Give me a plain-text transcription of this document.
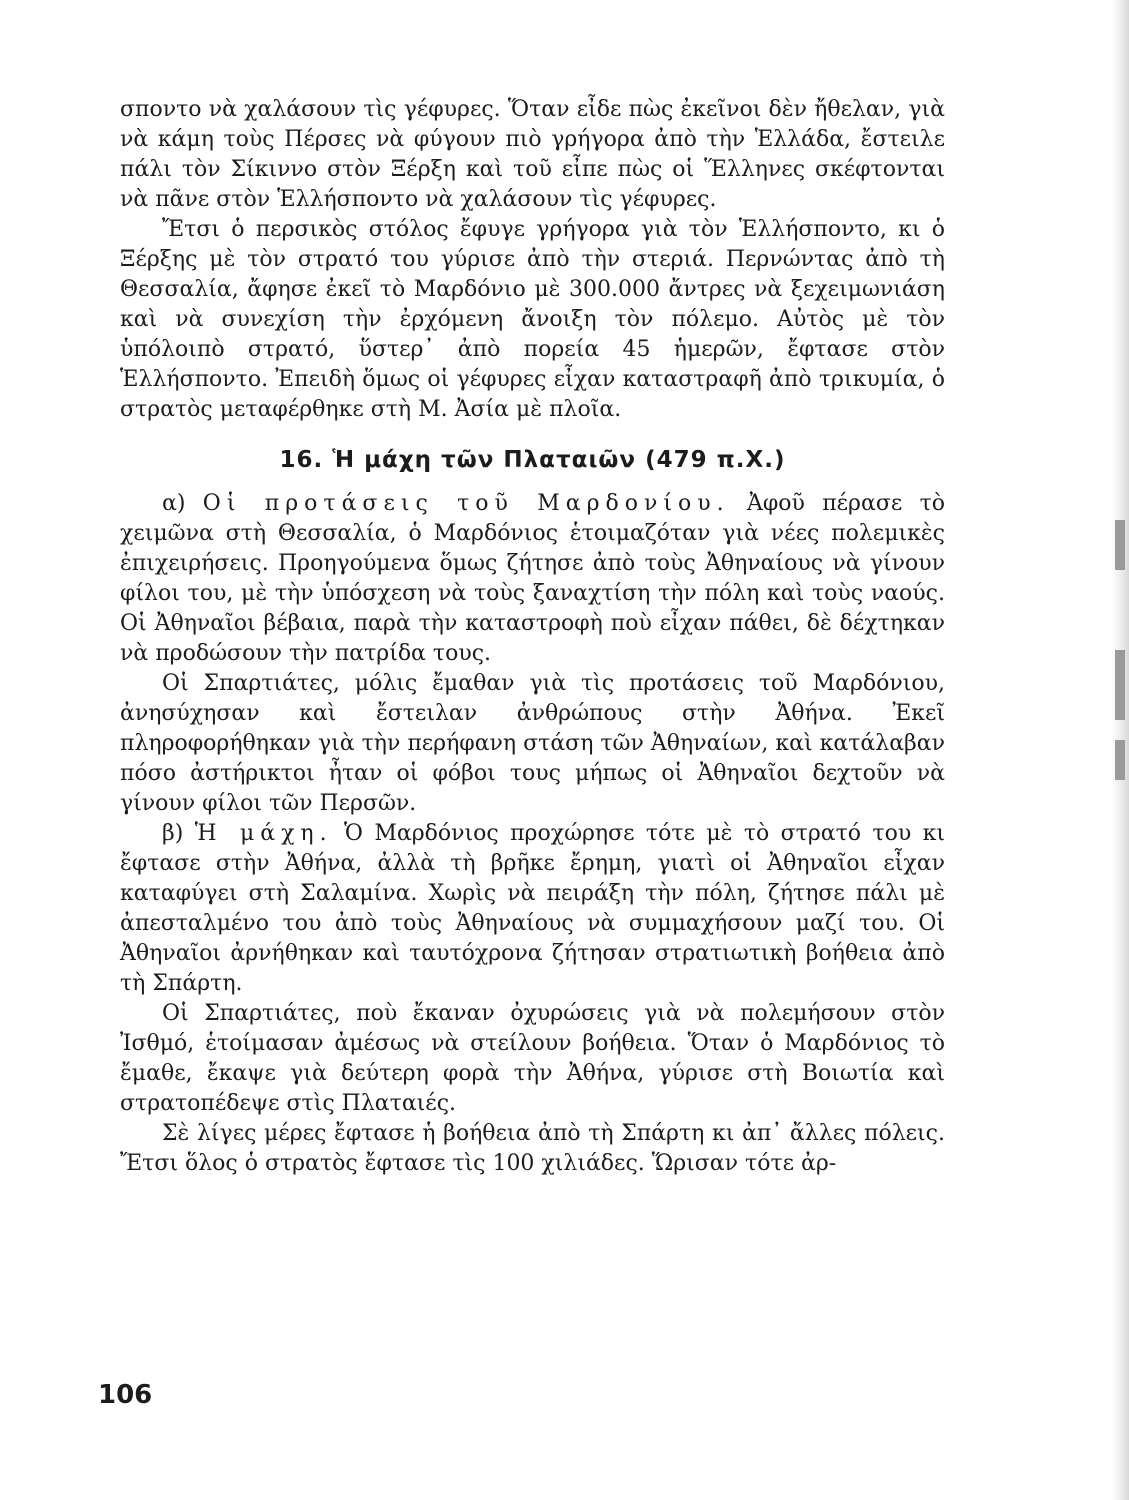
σποντο νὰ χαλάσουν τὶς γέφυρες. Ὅταν εἶδε πὼς ἐκεῖνοι δὲν ἤθελαν, γιὰ νὰ κάμη τοὺς Πέρσες νὰ φύγουν πιὸ γρήγορα ἀπὸ τὴν Ἑλλάδα, ἔστειλε πάλι τὸν Σίκιννο στὸν Ξέρξη καὶ τοῦ εἶπε πὼς οἱ Ἕλληνες σκέφτονται νὰ πᾶνε στὸν Ἑλλήσποντο νὰ χαλάσουν τὶς γέφυρες.

Ἔτσι ὁ περσικὸς στόλος ἔφυγε γρήγορα γιὰ τὸν Ἑλλήσποντο, κι ὁ Ξέρξης μὲ τὸν στρατό του γύρισε ἀπὸ τὴν στεριά. Περνώντας ἀπὸ τὴ Θεσσαλία, ἄφησε ἐκεῖ τὸ Μαρδόνιο μὲ 300.000 ἄντρες νὰ ξεχειμωνιάση καὶ νὰ συνεχίση τὴν ἐρχόμενη ἄνοιξη τὸν πόλεμο. Αὐτὸς μὲ τὸν ὑπόλοιπὸ στρατό, ὕστερ᾽ ἀπὸ πορεία 45 ἡμερῶν, ἔφτασε στὸν Ἑλλήσποντο. Ἐπειδὴ ὅμως οἱ γέφυρες εἶχαν καταστραφῆ ἀπὸ τρικυμία, ὁ στρατὸς μεταφέρθηκε στὴ Μ. Ἀσία μὲ πλοῖα.

16. Ἡ μάχη τῶν Πλαταιῶν (479 π.Χ.)

α) Οἱ προτάσεις τοῦ Μαρδονίου. Ἀφοῦ πέρασε τὸ χειμῶνα στὴ Θεσσαλία, ὁ Μαρδόνιος ἑτοιμαζόταν γιὰ νέες πολεμικὲς ἐπιχειρήσεις. Προηγούμενα ὅμως ζήτησε ἀπὸ τοὺς Ἀθηναίους νὰ γίνουν φίλοι του, μὲ τὴν ὑπόσχεση νὰ τοὺς ξαναχτίση τὴν πόλη καὶ τοὺς ναούς. Οἱ Ἀθηναῖοι βέβαια, παρὰ τὴν καταστροφὴ ποὺ εἶχαν πάθει, δὲ δέχτηκαν νὰ προδώσουν τὴν πατρίδα τους.

Οἱ Σπαρτιάτες, μόλις ἔμαθαν γιὰ τὶς προτάσεις τοῦ Μαρδόνιου, ἀνησύχησαν καὶ ἔστειλαν ἀνθρώπους στὴν Ἀθήνα. Ἐκεῖ πληροφορήθηκαν γιὰ τὴν περήφανη στάση τῶν Ἀθηναίων, καὶ κατάλαβαν πόσο ἀστήρικτοι ἦταν οἱ φόβοι τους μήπως οἱ Ἀθηναῖοι δεχτοῦν νὰ γίνουν φίλοι τῶν Περσῶν.

β) Ἡ μάχη. Ὁ Μαρδόνιος προχώρησε τότε μὲ τὸ στρατό του κι ἔφτασε στὴν Ἀθήνα, ἀλλὰ τὴ βρῆκε ἔρημη, γιατὶ οἱ Ἀθηναῖοι εἶχαν καταφύγει στὴ Σαλαμίνα. Χωρὶς νὰ πειράξη τὴν πόλη, ζήτησε πάλι μὲ ἀπεσταλμένο του ἀπὸ τοὺς Ἀθηναίους νὰ συμμαχήσουν μαζί του. Οἱ Ἀθηναῖοι ἀρνήθηκαν καὶ ταυτόχρονα ζήτησαν στρατιωτικὴ βοήθεια ἀπὸ τὴ Σπάρτη.

Οἱ Σπαρτιάτες, ποὺ ἔκαναν ὀχυρώσεις γιὰ νὰ πολεμήσουν στὸν Ἰσθμό, ἑτοίμασαν ἀμέσως νὰ στείλουν βοήθεια. Ὅταν ὁ Μαρδόνιος τὸ ἔμαθε, ἔκαψε γιὰ δεύτερη φορὰ τὴν Ἀθήνα, γύρισε στὴ Βοιωτία καὶ στρατοπέδεψε στὶς Πλαταιές.

Σὲ λίγες μέρες ἔφτασε ἡ βοήθεια ἀπὸ τὴ Σπάρτη κι ἀπ᾽ ἄλλες πόλεις. Ἔτσι ὅλος ὁ στρατὸς ἔφτασε τὶς 100 χιλιάδες. Ὥρισαν τότε ἀρ-

106
